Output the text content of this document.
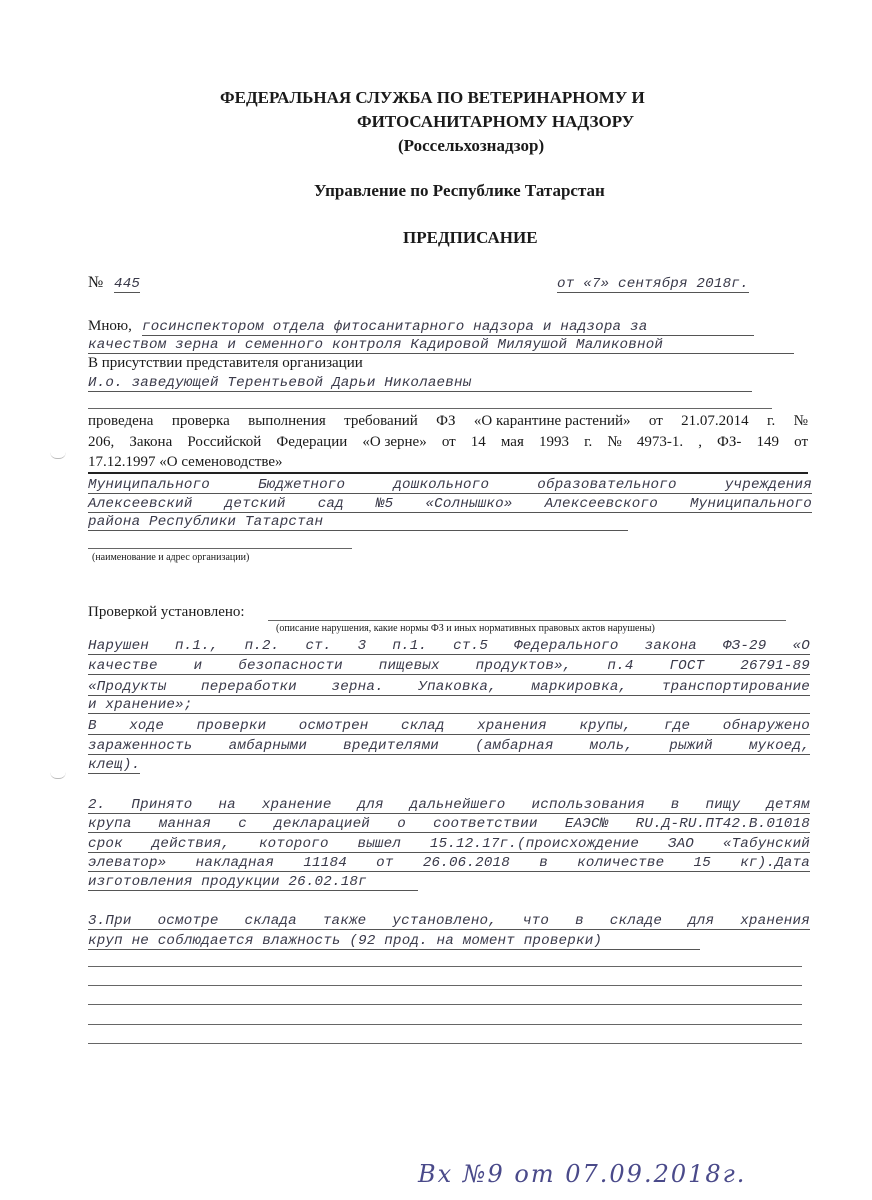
ФЕДЕРАЛЬНАЯ СЛУЖБА ПО ВЕТЕРИНАРНОМУ И
ФИТОСАНИТАРНОМУ НАДЗОРУ
(Россельхознадзор)
Управление по Республике Татарстан
ПРЕДПИСАНИЕ
№ 445	от «7» сентября 2018г.
Мною, госинспектором отдела фитосанитарного надзора и надзора за
качеством зерна и семенного контроля Кадировой Миляушой Маликовной
В присутствии представителя организации
И.о. заведующей Терентьевой Дарьи Николаевны
проведена проверка выполнения требований ФЗ «О карантине растений» от 21.07.2014 г. №
206, Закона Российской Федерации «О зерне» от 14 мая 1993 г. № 4973-1. , ФЗ- 149 от
17.12.1997 «О семеноводстве»
Муниципального	Бюджетного	дошкольного	образовательного	учреждения
Алексеевский детский сад №5 «Солнышко» Алексеевского Муниципального
района Республики Татарстан
(наименование и адрес организации)
Проверкой установлено:
(описание нарушения, какие нормы ФЗ и иных нормативных правовых актов нарушены)
Нарушен п.1., п.2. ст. 3 п.1. ст.5 Федерального закона ФЗ-29 «О
качестве	и	безопасности	пищевых	продуктов»,	п.4	ГОСТ	26791-89
«Продукты переработки зерна. Упаковка, маркировка, транспортирование
и хранение»;
В ходе проверки осмотрен склад хранения крупы, где обнаружено
зараженность	амбарными	вредителями	(амбарная	моль,	рыжий	мукоед,
клещ).
2. Принято на хранение для дальнейшего использования в пищу детям
крупа манная с декларацией о соответствии ЕАЭС№ RU.Д-RU.ПТ42.В.01018
срок действия, которого вышел 15.12.17г.(происхождение ЗАО «Табунский
элеватор» накладная 11184 от 26.06.2018 в количестве 15 кг).Дата
изготовления продукции 26.02.18г
3.При осмотре склада также установлено, что в складе для хранения
круп не соблюдается влажность (92 прод. на момент проверки)
Вх №9 от 07.09.2018г.
